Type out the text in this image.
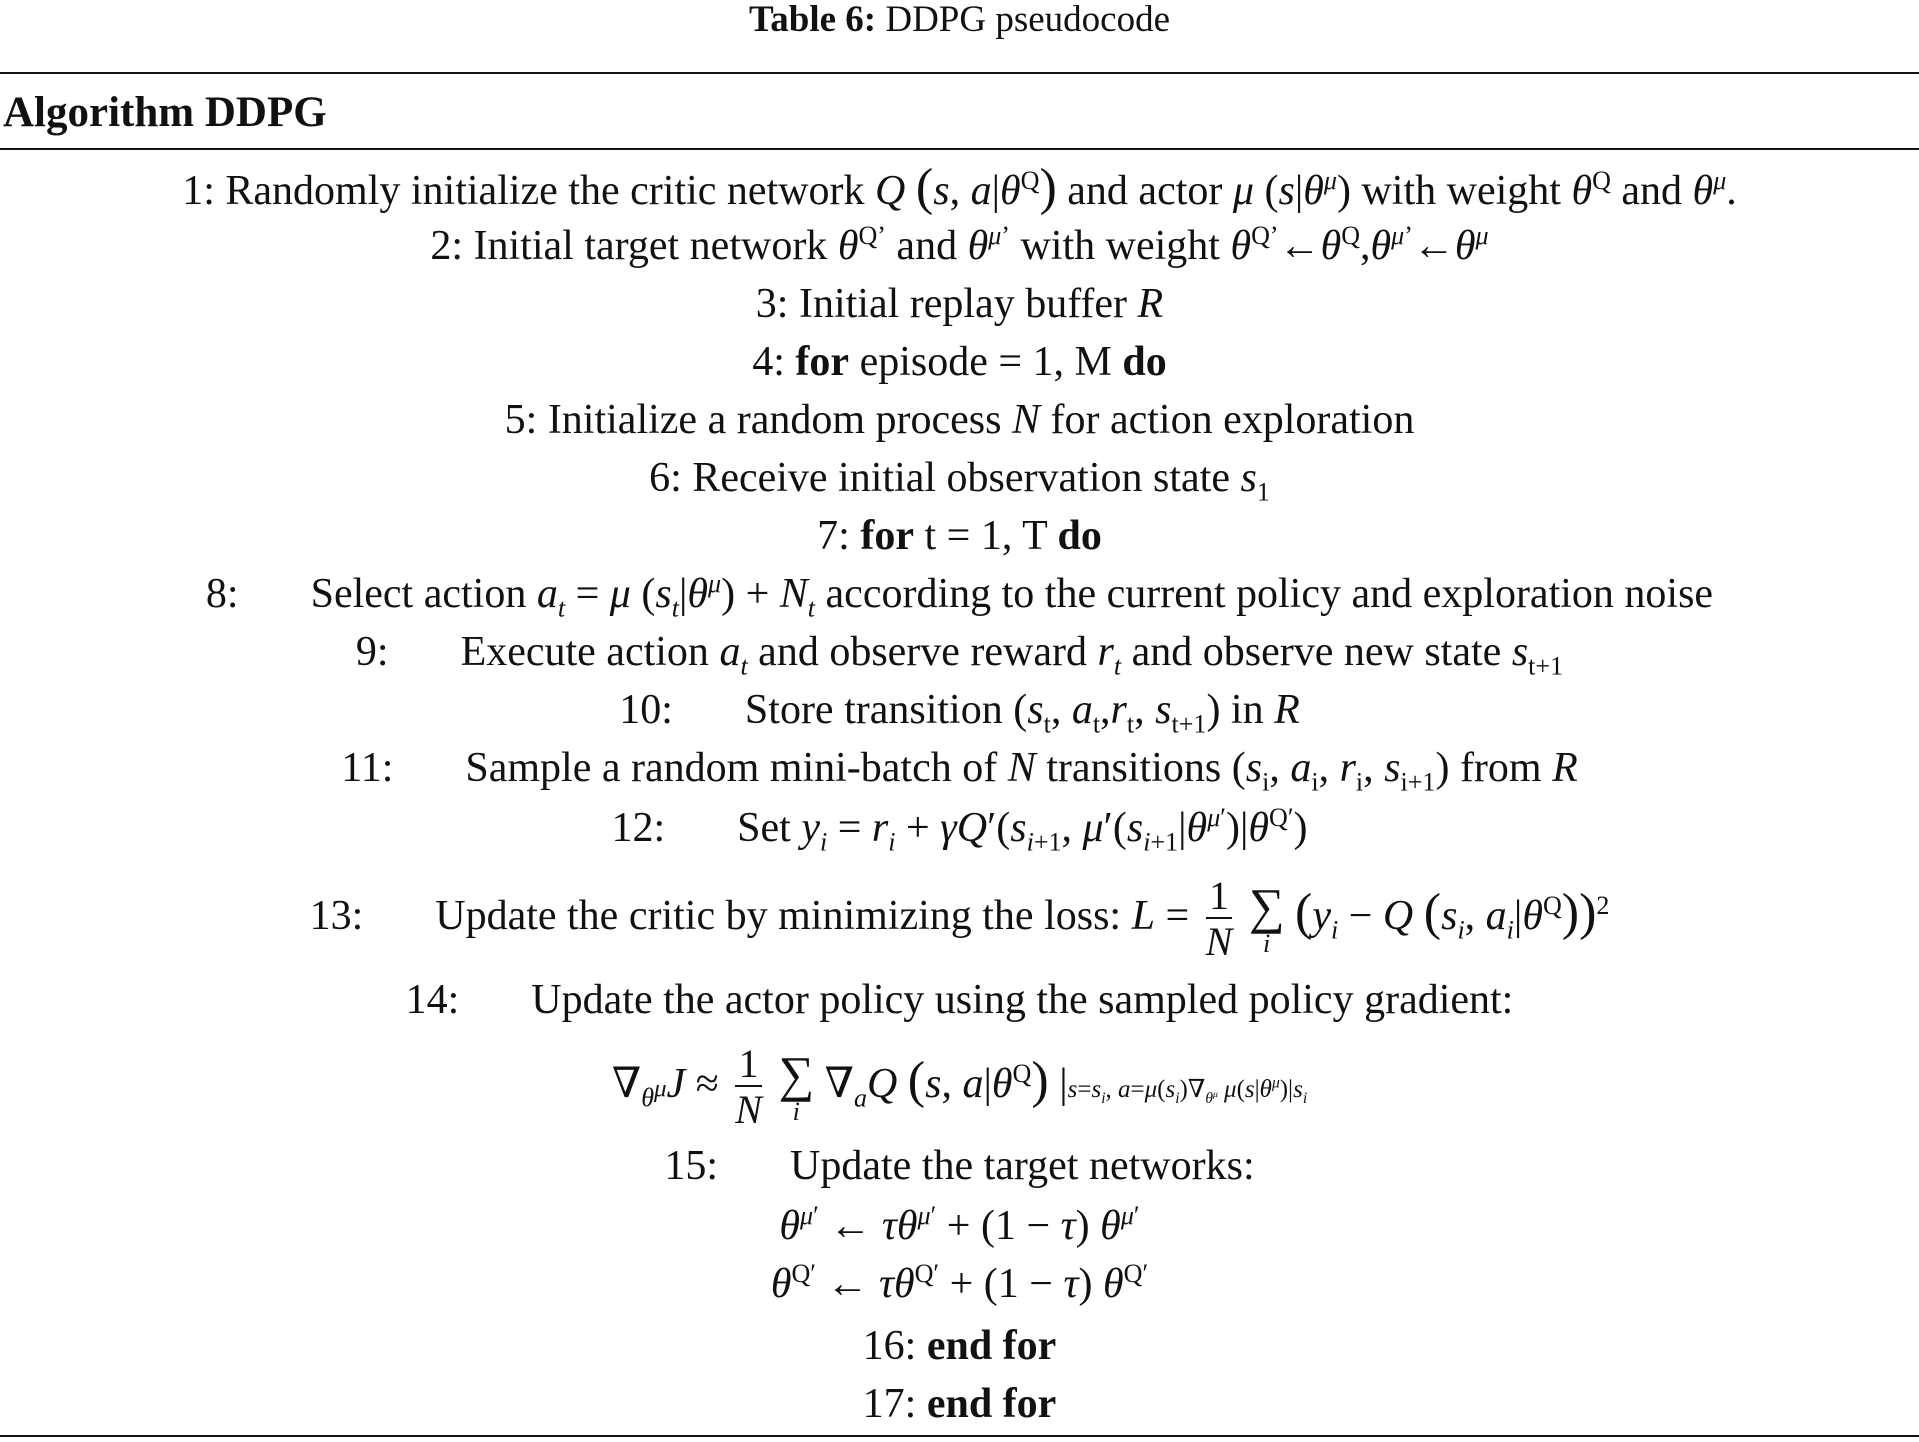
Table 6: DDPG pseudocode
Algorithm DDPG
1: Randomly initialize the critic network Q (s, $a|\theta^Q$) and actor μ $(s|\theta^\mu)$ with weight $\theta^Q$ and $\theta^\mu$.
2: Initial target network $\theta^{Q’}$ and $\theta^{\mu’}$ with weight $\theta^{Q’}\leftarrow\theta^Q,\theta^{\mu’}\leftarrow\theta^\mu$
3: Initial replay buffer R
4: for episode = 1, M do
5: Initialize a random process N for action exploration
6: Receive initial observation state $s_1$
7: for t = 1, T do
8: Select action $a_t = \mu$ $(s_t|\theta^\mu) + N_t$ according to the current policy and exploration noise
9: Execute action $a_t$ and observe reward $r_t$ and observe new state $s_{t+1}$
10: Store transition ($s_t$, $a_t,r_t$, $s_{t+1}$) in R
11: Sample a random mini-batch of N transitions ($s_i$, $a_i$, $r_i$, $s_{i+1}$) from R
12: Set $y_i = r_i + \gamma Q'(s_{i+1}$, $\mu'(s_{i+1}|\theta^{\mu'})|\theta^{Q'}$)
13: Update the critic by minimizing the loss: $L = \frac{1}{N}$
∑
i
($y_i - Q$ ($s_i$, $a_i|\theta^Q))^2$
14: Update the actor policy using the sampled policy gradient:
$\nabla_{\theta^\mu}J \approx \frac{1}{N}$
∑
i
$\nabla_aQ$ (s, $a|\theta^Q$) $|s=s_i$, $a=\mu(s_i)\nabla_{\theta^\mu}$ $\mu(s|\theta^\mu)|s_i$
15: Update the target networks:
$\theta^{\mu'}$ ← $\tau\theta^{\mu'} + (1 - \tau)$ $\theta^{\mu'}$
$\theta^{Q'}$ ← $\tau\theta^{Q'} + (1 - \tau)$ $\theta^{Q'}$
16: end for
17: end for
